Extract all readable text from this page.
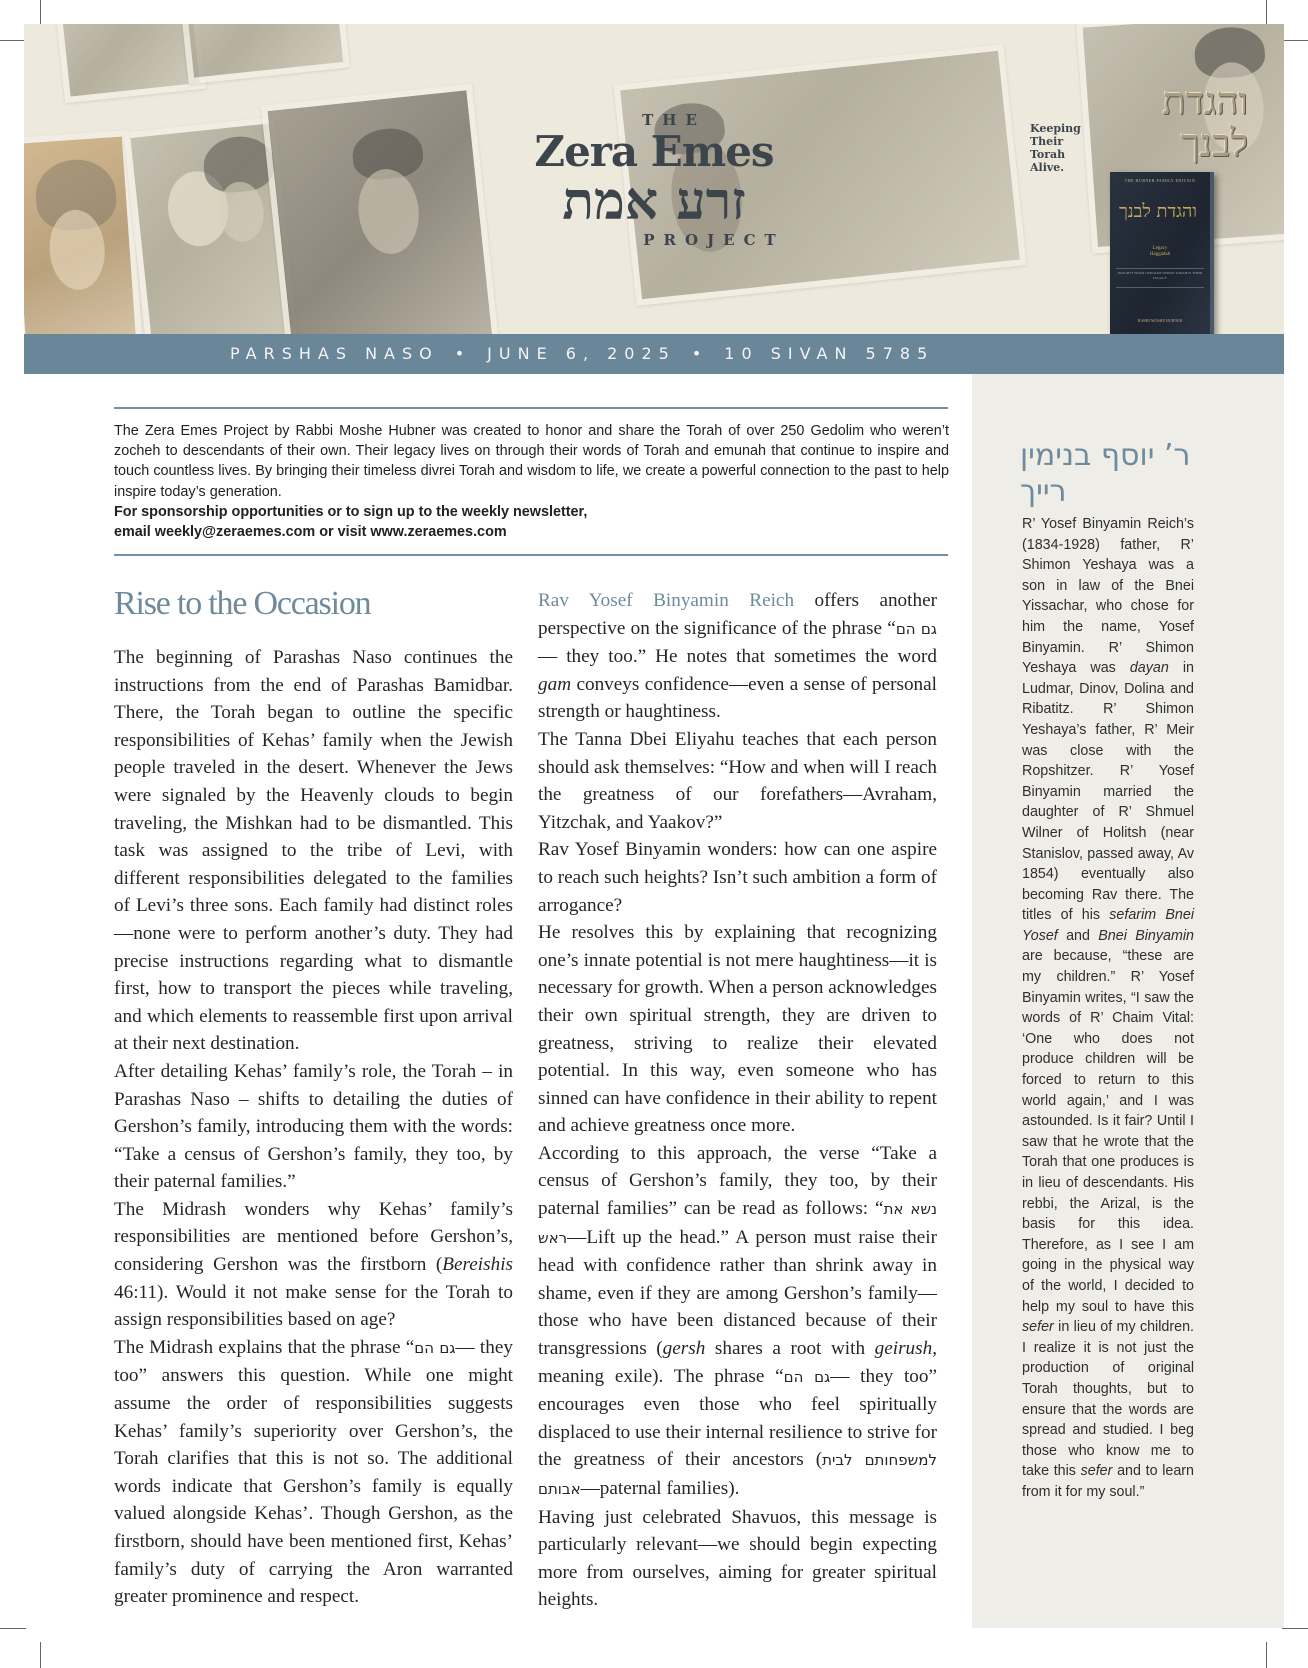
THE
Zera Emes
זרע אמת
PROJECT
והגדת לבנך
Keeping
Their
Torah Alive.
THE HUBNER FAMILY EDITION
והגדת לבנך
Legacy
Haggadah
INSIGHTS FROM GEDOLIM WHOSE TORAH IS THEIR LEGACY
RABBI MOSHE HUBNER
PARSHAS NASO • JUNE 6, 2025 • 10 SIVAN 5785
ר’ יוסף בנימין רייך
R’ Yosef Binyamin Reich’s (1834-1928) father, R’ Shimon Yeshaya was a son in law of the Bnei Yissachar, who chose for him the name, Yosef Binyamin. R’ Shimon Yeshaya was dayan in Ludmar, Dinov, Dolina and Ribatitz. R’ Shimon Yeshaya’s father, R’ Meir was close with the Ropshitzer. R’ Yosef Binyamin married the daughter of R’ Shmuel Wilner of Holitsh (near Stanislov, passed away, Av 1854) eventually also becoming Rav there. The titles of his sefarim Bnei Yosef and Bnei Binyamin are because, “these are my children.” R’ Yosef Binyamin writes, “I saw the words of R’ Chaim Vital: ‘One who does not produce children will be forced to return to this world again,’ and I was astounded. Is it fair? Until I saw that he wrote that the Torah that one produces is in lieu of descendants. His rebbi, the Arizal, is the basis for this idea. Therefore, as I see I am going in the physical way of the world, I decided to help my soul to have this sefer in lieu of my children. I realize it is not just the production of original Torah thoughts, but to ensure that the words are spread and studied. I beg those who know me to take this sefer and to learn from it for my soul.”
The Zera Emes Project by Rabbi Moshe Hubner was created to honor and share the Torah of over 250 Gedolim who weren’t zocheh to descendants of their own. Their legacy lives on through their words of Torah and emunah that continue to inspire and touch countless lives. By bringing their timeless divrei Torah and wisdom to life, we create a powerful connection to the past to help inspire today’s generation.
For sponsorship opportunities or to sign up to the weekly newsletter,
email weekly@zeraemes.com or visit www.zeraemes.com
Rise to the Occasion

The beginning of Parashas Naso continues the instructions from the end of Parashas Bamidbar. There, the Torah began to outline the specific responsibilities of Kehas’ family when the Jewish people traveled in the desert. Whenever the Jews were signaled by the Heavenly clouds to begin traveling, the Mishkan had to be dismantled. This task was assigned to the tribe of Levi, with different responsibilities delegated to the families of Levi’s three sons. Each family had distinct roles—none were to perform another’s duty. They had precise instructions regarding what to dismantle first, how to transport the pieces while traveling, and which elements to reassemble first upon arrival at their next destination.

After detailing Kehas’ family’s role, the Torah – in Parashas Naso – shifts to detailing the duties of Gershon’s family, introducing them with the words: “Take a census of Gershon’s family, they too, by their paternal families.”

The Midrash wonders why Kehas’ family’s responsibilities are mentioned before Gershon’s, considering Gershon was the firstborn (Bereishis 46:11). Would it not make sense for the Torah to assign responsibilities based on age?

The Midrash explains that the phrase “גם הם— they too” answers this question. While one might assume the order of responsibilities suggests Kehas’ family’s superiority over Gershon’s, the Torah clarifies that this is not so. The additional words indicate that Gershon’s family is equally valued alongside Kehas’. Though Gershon, as the firstborn, should have been mentioned first, Kehas’ family’s duty of carrying the Aron warranted greater prominence and respect.

Rav Yosef Binyamin Reich offers another perspective on the significance of the phrase “גם הם— they too.” He notes that sometimes the word gam conveys confidence—even a sense of personal strength or haughtiness.

The Tanna Dbei Eliyahu teaches that each person should ask themselves: “How and when will I reach the greatness of our forefathers—Avraham, Yitzchak, and Yaakov?”

Rav Yosef Binyamin wonders: how can one aspire to reach such heights? Isn’t such ambition a form of arrogance?

He resolves this by explaining that recognizing one’s innate potential is not mere haughtiness—it is necessary for growth. When a person acknowledges their own spiritual strength, they are driven to greatness, striving to realize their elevated potential. In this way, even someone who has sinned can have confidence in their ability to repent and achieve greatness once more.

According to this approach, the verse “Take a census of Gershon’s family, they too, by their paternal families” can be read as follows: “נשא את ראש—Lift up the head.” A person must raise their head with confidence rather than shrink away in shame, even if they are among Gershon’s family—those who have been distanced because of their transgressions (gersh shares a root with geirush, meaning exile). The phrase “גם הם— they too” encourages even those who feel spiritually displaced to use their internal resilience to strive for the greatness of their ancestors (למשפחותם לבית אבותם—paternal families).

Having just celebrated Shavuos, this message is particularly relevant—we should begin expecting more from ourselves, aiming for greater spiritual heights.
